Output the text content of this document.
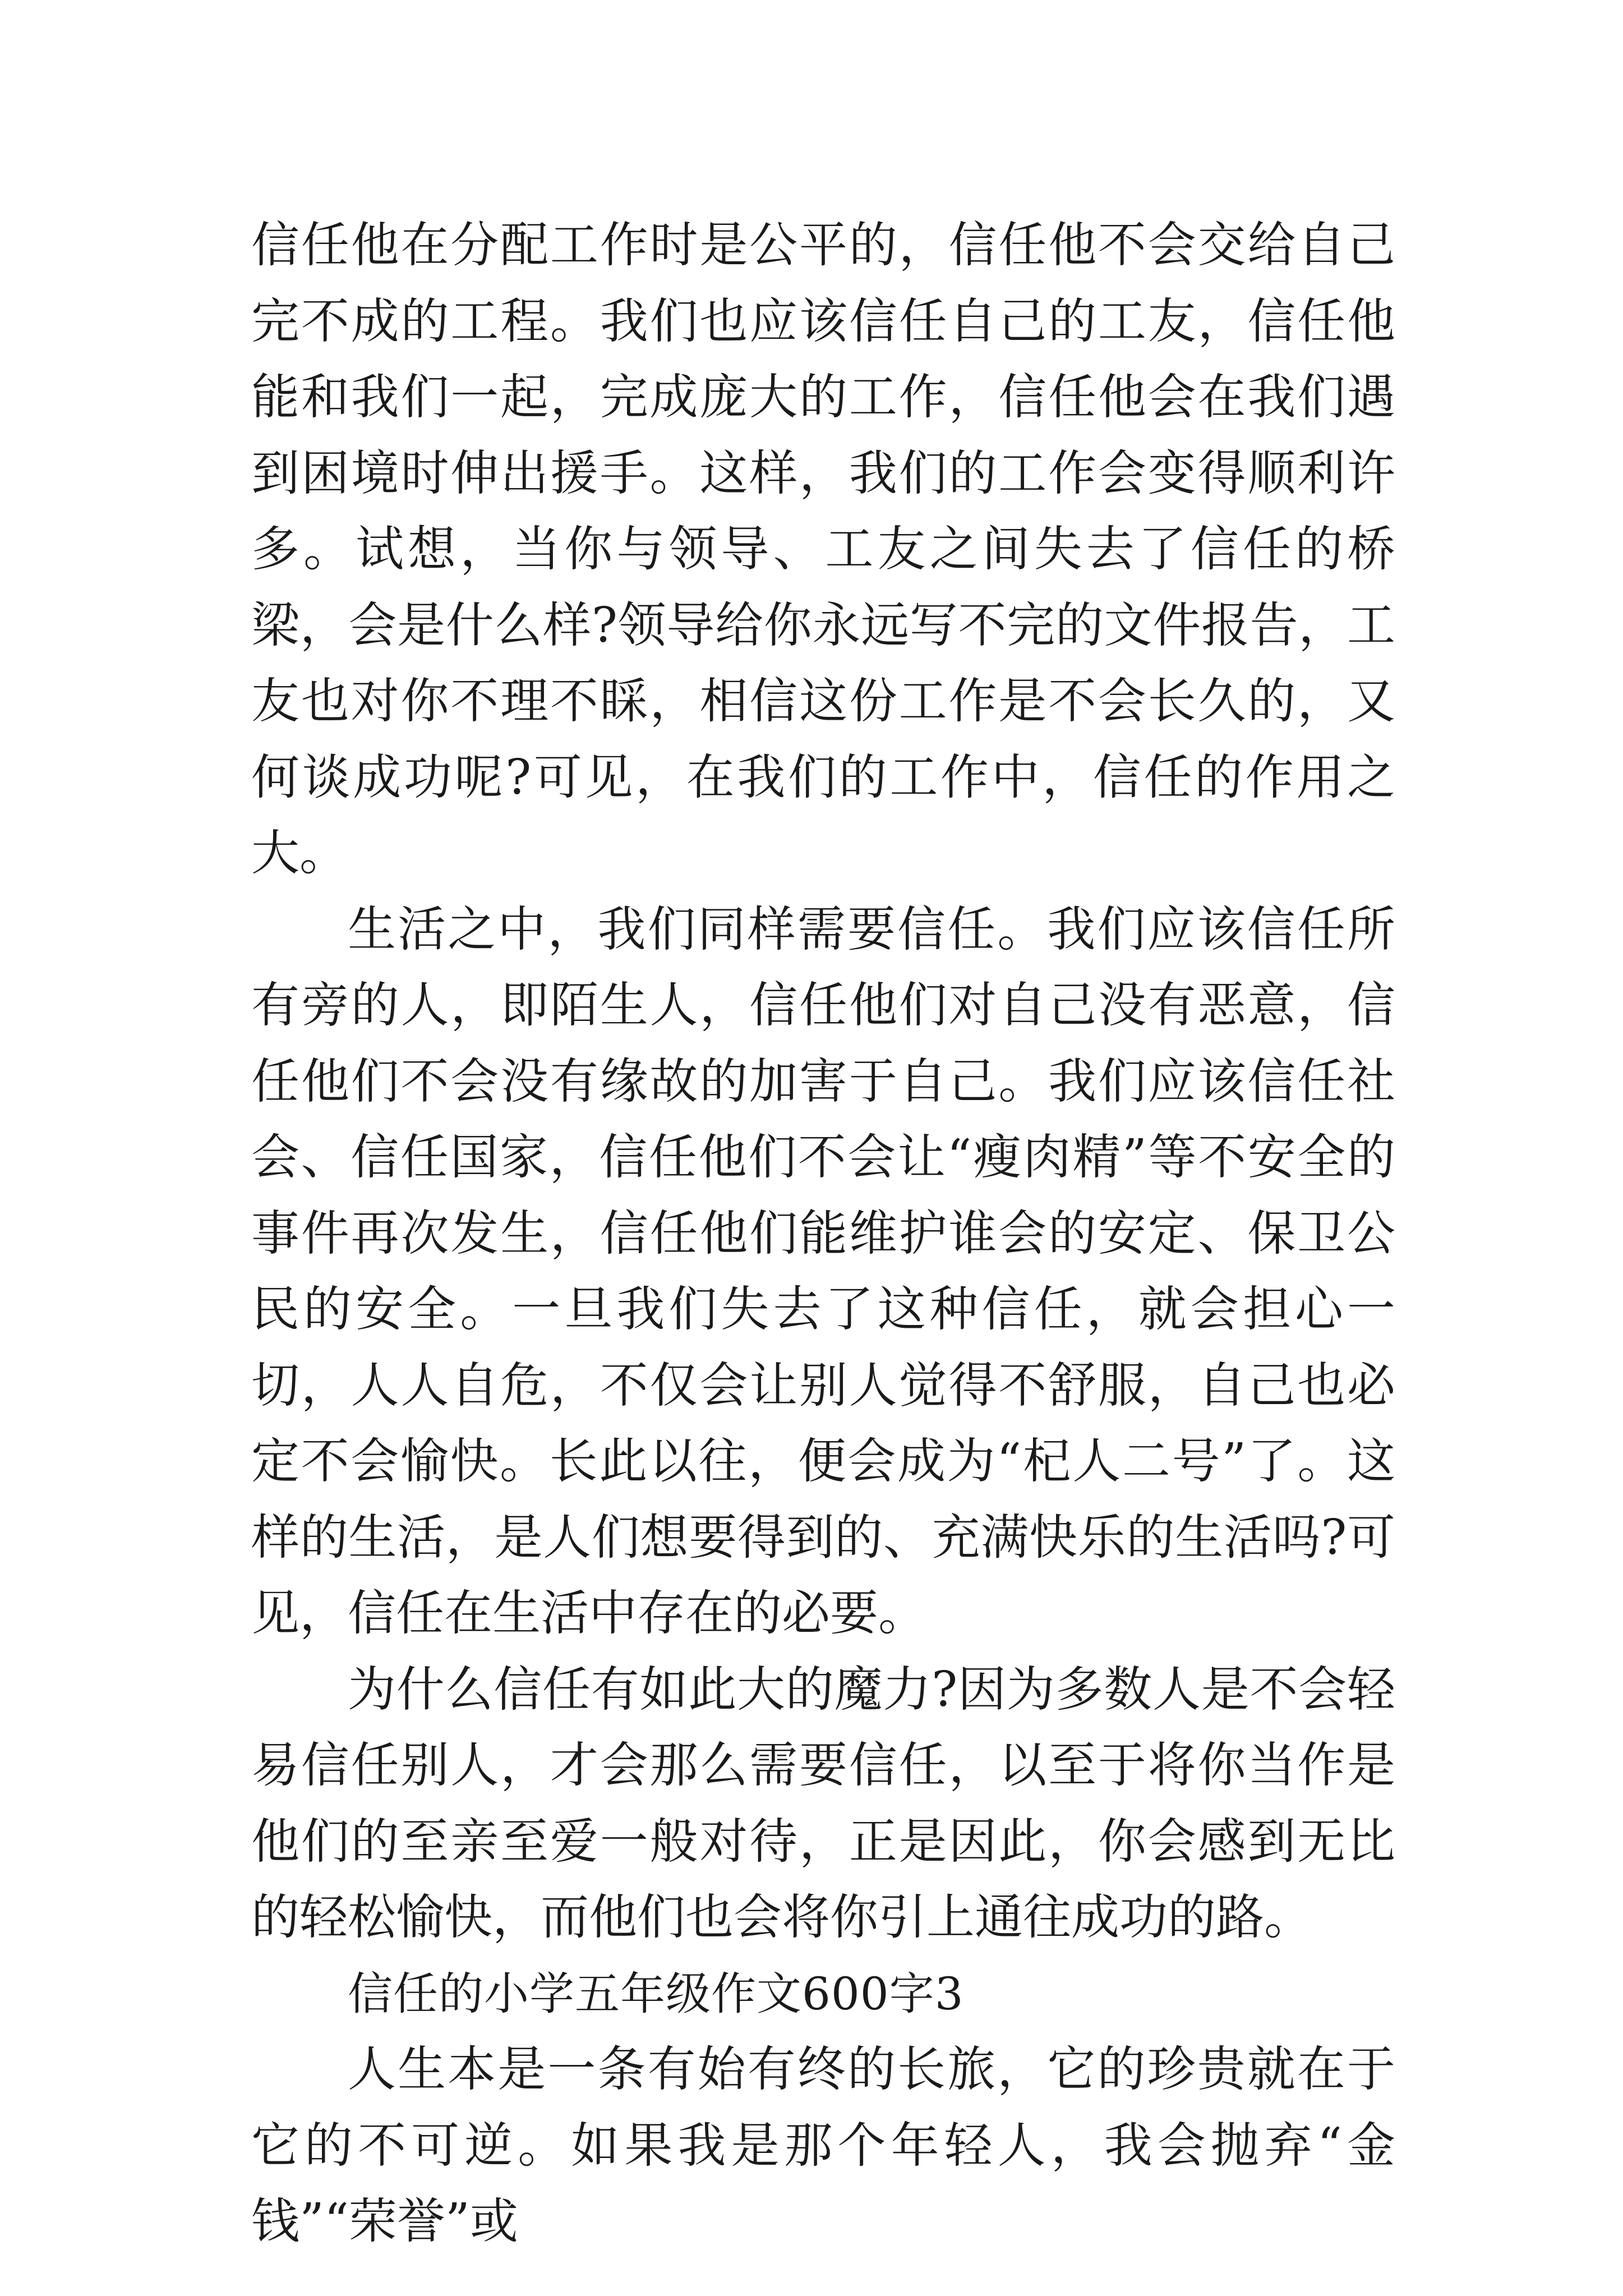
信任他在分配工作时是公平的，信任他不会交给自己完不成的工程。我们也应该信任自己的工友，信任他能和我们一起，完成庞大的工作，信任他会在我们遇到困境时伸出援手。这样，我们的工作会变得顺利许多。试想，当你与领导、工友之间失去了信任的桥梁，会是什么样?领导给你永远写不完的文件报告，工友也对你不理不睬，相信这份工作是不会长久的，又何谈成功呢?可见，在我们的工作中，信任的作用之大。

生活之中，我们同样需要信任。我们应该信任所有旁的人，即陌生人，信任他们对自己没有恶意，信任他们不会没有缘故的加害于自己。我们应该信任社会、信任国家，信任他们不会让“瘦肉精”等不安全的事件再次发生，信任他们能维护谁会的安定、保卫公民的安全。一旦我们失去了这种信任，就会担心一切，人人自危，不仅会让别人觉得不舒服，自己也必定不会愉快。长此以往，便会成为“杞人二号”了。这样的生活，是人们想要得到的、充满快乐的生活吗?可见，信任在生活中存在的必要。

为什么信任有如此大的魔力?因为多数人是不会轻易信任别人，才会那么需要信任，以至于将你当作是他们的至亲至爱一般对待，正是因此，你会感到无比的轻松愉快，而他们也会将你引上通往成功的路。

信任的小学五年级作文600字3

人生本是一条有始有终的长旅，它的珍贵就在于它的不可逆。如果我是那个年轻人，我会抛弃“金钱”“荣誉”或
